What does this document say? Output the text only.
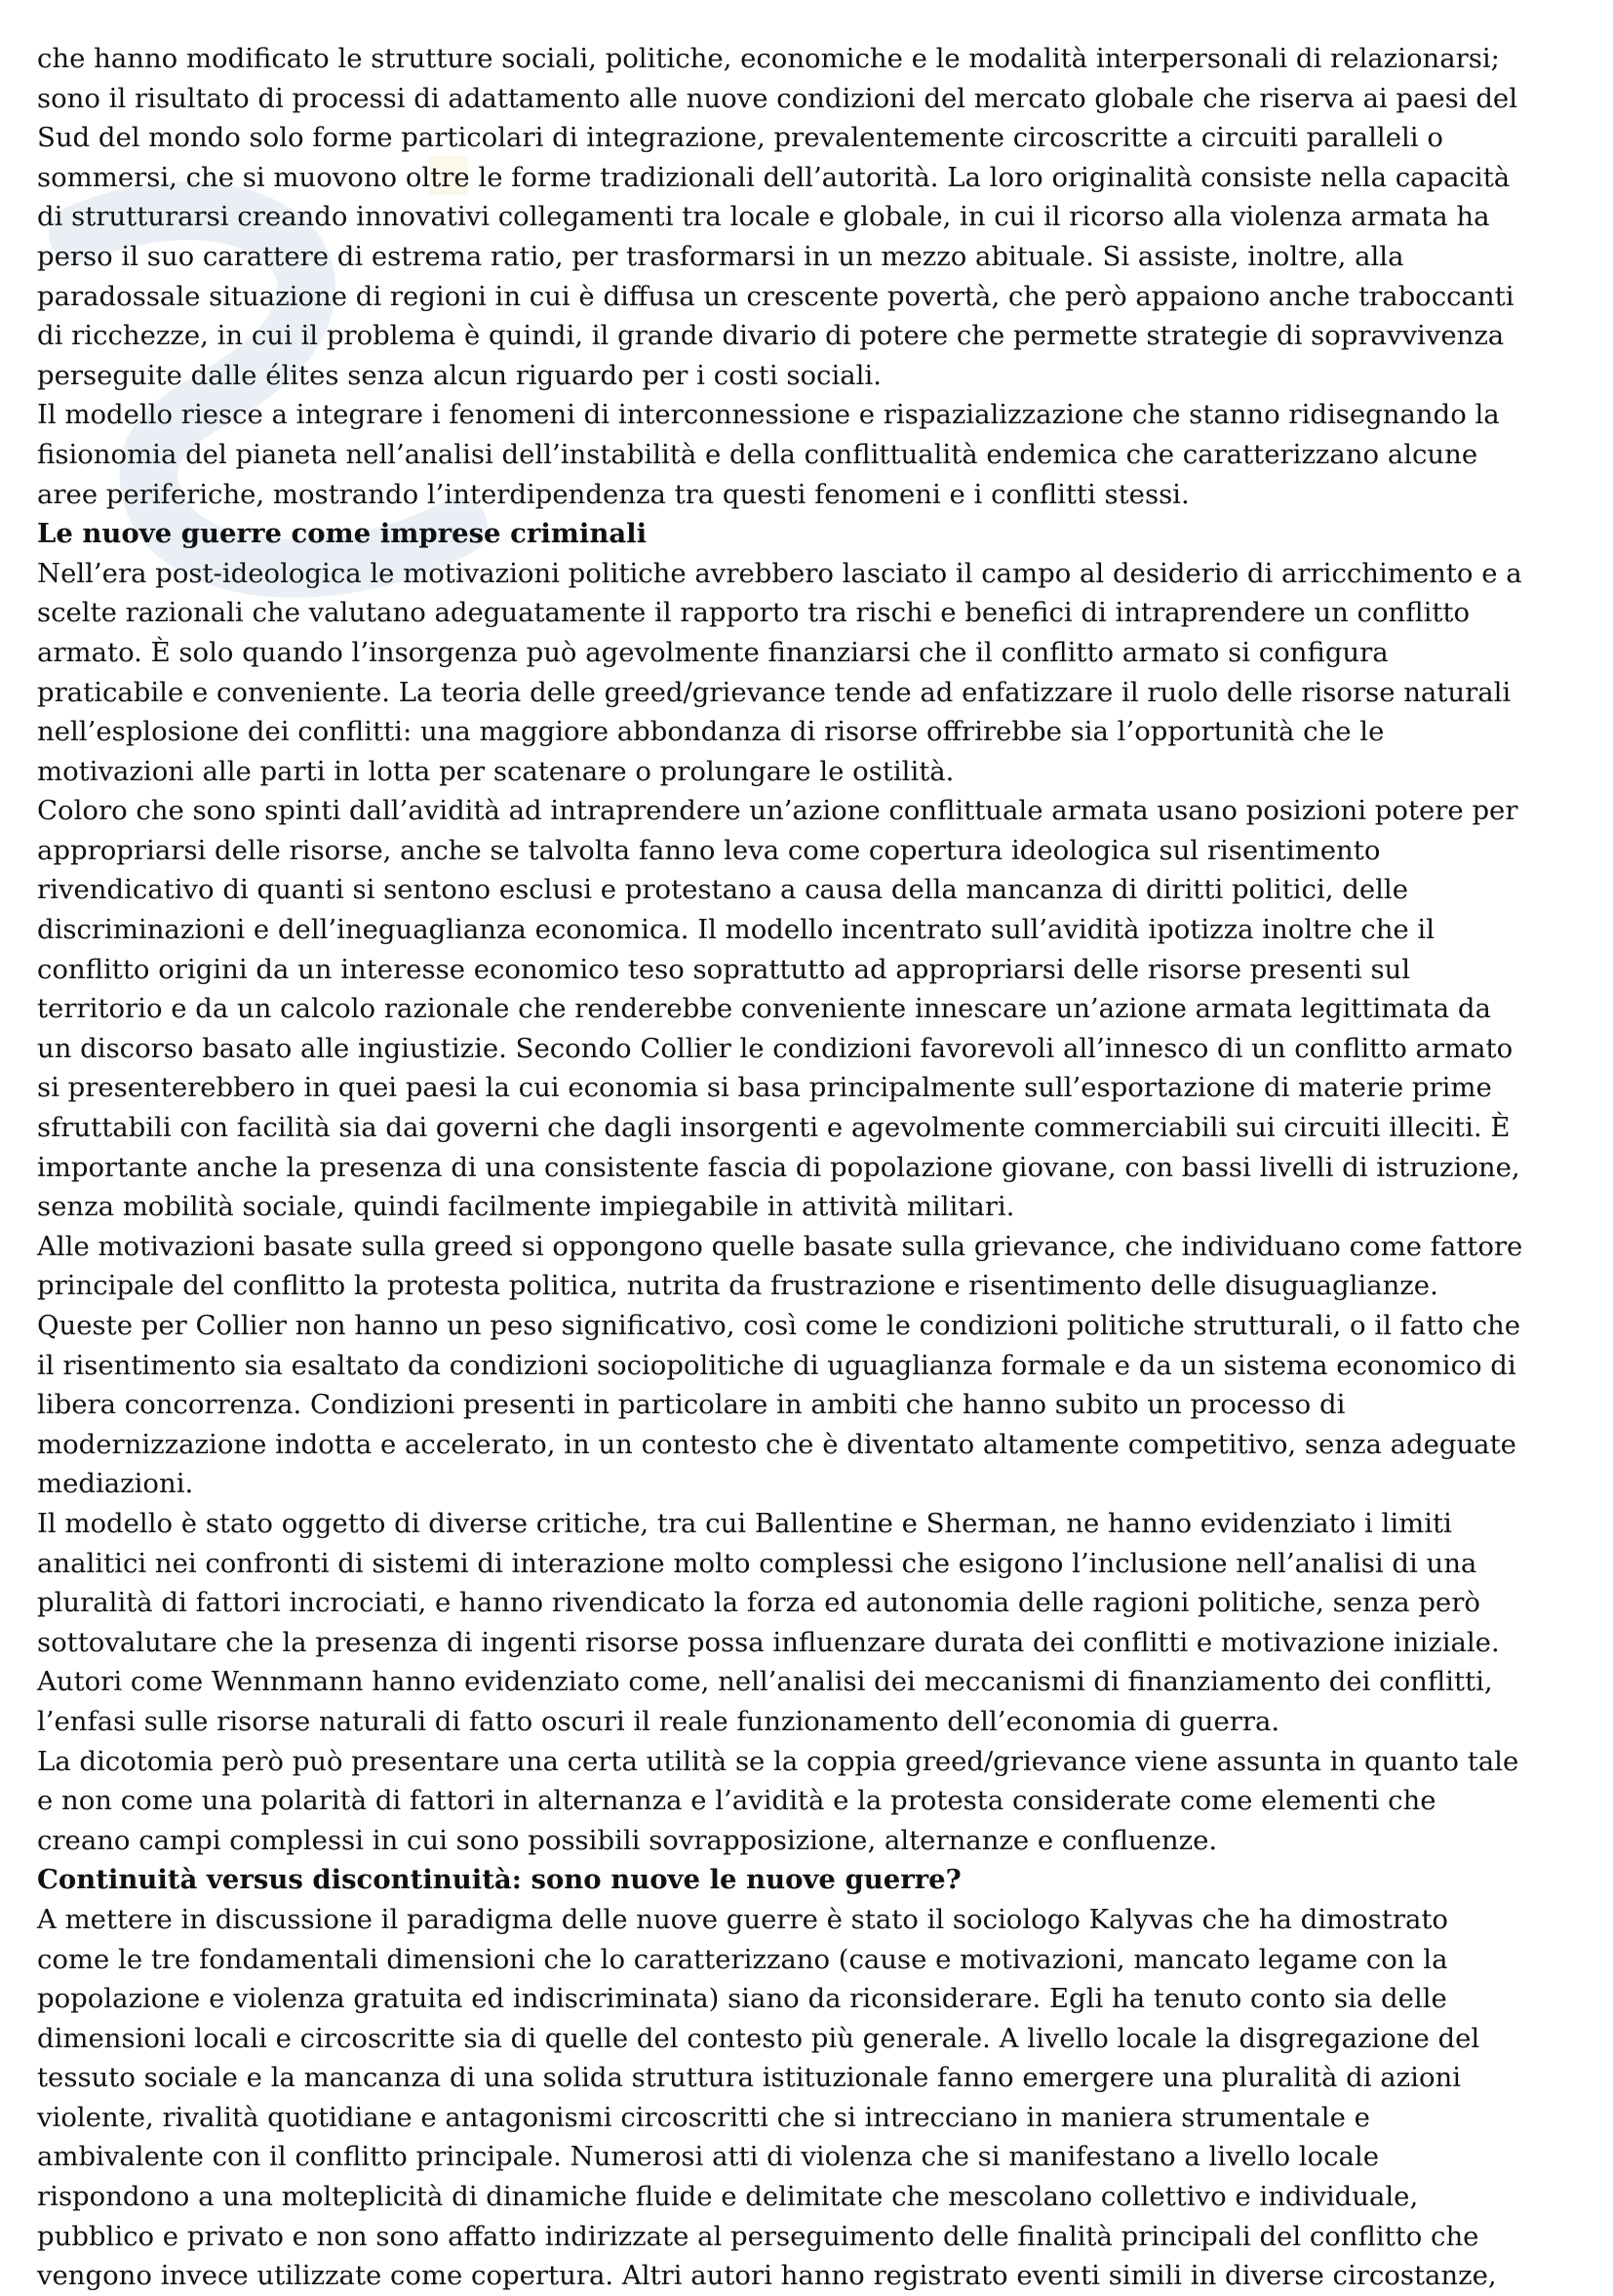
che hanno modificato le strutture sociali, politiche, economiche e le modalità interpersonali di relazionarsi; sono il risultato di processi di adattamento alle nuove condizioni del mercato globale che riserva ai paesi del Sud del mondo solo forme particolari di integrazione, prevalentemente circoscritte a circuiti paralleli o sommersi, che si muovono oltre le forme tradizionali dell’autorità. La loro originalità consiste nella capacità di strutturarsi creando innovativi collegamenti tra locale e globale, in cui il ricorso alla violenza armata ha perso il suo carattere di estrema ratio, per trasformarsi in un mezzo abituale. Si assiste, inoltre, alla paradossale situazione di regioni in cui è diffusa un crescente povertà, che però appaiono anche traboccanti di ricchezze, in cui il problema è quindi, il grande divario di potere che permette strategie di sopravvivenza perseguite dalle élites senza alcun riguardo per i costi sociali.

Il modello riesce a integrare i fenomeni di interconnessione e rispazializzazione che stanno ridisegnando la fisionomia del pianeta nell’analisi dell’instabilità e della conflittualità endemica che caratterizzano alcune aree periferiche, mostrando l’interdipendenza tra questi fenomeni e i conflitti stessi.

Le nuove guerre come imprese criminali

Nell’era post-ideologica le motivazioni politiche avrebbero lasciato il campo al desiderio di arricchimento e a scelte razionali che valutano adeguatamente il rapporto tra rischi e benefici di intraprendere un conflitto armato. È solo quando l’insorgenza può agevolmente finanziarsi che il conflitto armato si configura praticabile e conveniente. La teoria delle greed/grievance tende ad enfatizzare il ruolo delle risorse naturali nell’esplosione dei conflitti: una maggiore abbondanza di risorse offrirebbe sia l’opportunità che le motivazioni alle parti in lotta per scatenare o prolungare le ostilità.

Coloro che sono spinti dall’avidità ad intraprendere un’azione conflittuale armata usano posizioni potere per appropriarsi delle risorse, anche se talvolta fanno leva come copertura ideologica sul risentimento rivendicativo di quanti si sentono esclusi e protestano a causa della mancanza di diritti politici, delle discriminazioni e dell’ineguaglianza economica. Il modello incentrato sull’avidità ipotizza inoltre che il conflitto origini da un interesse economico teso soprattutto ad appropriarsi delle risorse presenti sul territorio e da un calcolo razionale che renderebbe conveniente innescare un’azione armata legittimata da un discorso basato alle ingiustizie. Secondo Collier le condizioni favorevoli all’innesco di un conflitto armato si presenterebbero in quei paesi la cui economia si basa principalmente sull’esportazione di materie prime sfruttabili con facilità sia dai governi che dagli insorgenti e agevolmente commerciabili sui circuiti illeciti. È importante anche la presenza di una consistente fascia di popolazione giovane, con bassi livelli di istruzione, senza mobilità sociale, quindi facilmente impiegabile in attività militari.

Alle motivazioni basate sulla greed si oppongono quelle basate sulla grievance, che individuano come fattore principale del conflitto la protesta politica, nutrita da frustrazione e risentimento delle disuguaglianze. Queste per Collier non hanno un peso significativo, così come le condizioni politiche strutturali, o il fatto che il risentimento sia esaltato da condizioni sociopolitiche di uguaglianza formale e da un sistema economico di libera concorrenza. Condizioni presenti in particolare in ambiti che hanno subito un processo di modernizzazione indotta e accelerato, in un contesto che è diventato altamente competitivo, senza adeguate mediazioni.

Il modello è stato oggetto di diverse critiche, tra cui Ballentine e Sherman, ne hanno evidenziato i limiti analitici nei confronti di sistemi di interazione molto complessi che esigono l’inclusione nell’analisi di una pluralità di fattori incrociati, e hanno rivendicato la forza ed autonomia delle ragioni politiche, senza però sottovalutare che la presenza di ingenti risorse possa influenzare durata dei conflitti e motivazione iniziale. Autori come Wennmann hanno evidenziato come, nell’analisi dei meccanismi di finanziamento dei conflitti, l’enfasi sulle risorse naturali di fatto oscuri il reale funzionamento dell’economia di guerra.

La dicotomia però può presentare una certa utilità se la coppia greed/grievance viene assunta in quanto tale e non come una polarità di fattori in alternanza e l’avidità e la protesta considerate come elementi che creano campi complessi in cui sono possibili sovrapposizione, alternanze e confluenze.

Continuità versus discontinuità: sono nuove le nuove guerre?

A mettere in discussione il paradigma delle nuove guerre è stato il sociologo Kalyvas che ha dimostrato come le tre fondamentali dimensioni che lo caratterizzano (cause e motivazioni, mancato legame con la popolazione e violenza gratuita ed indiscriminata) siano da riconsiderare. Egli ha tenuto conto sia delle dimensioni locali e circoscritte sia di quelle del contesto più generale. A livello locale la disgregazione del tessuto sociale e la mancanza di una solida struttura istituzionale fanno emergere una pluralità di azioni violente, rivalità quotidiane e antagonismi circoscritti che si intrecciano in maniera strumentale e ambivalente con il conflitto principale. Numerosi atti di violenza che si manifestano a livello locale rispondono a una molteplicità di dinamiche fluide e delimitate che mescolano collettivo e individuale, pubblico e privato e non sono affatto indirizzate al perseguimento delle finalità principali del conflitto che vengono invece utilizzate come copertura. Altri autori hanno registrato eventi simili in diverse circostanze,
